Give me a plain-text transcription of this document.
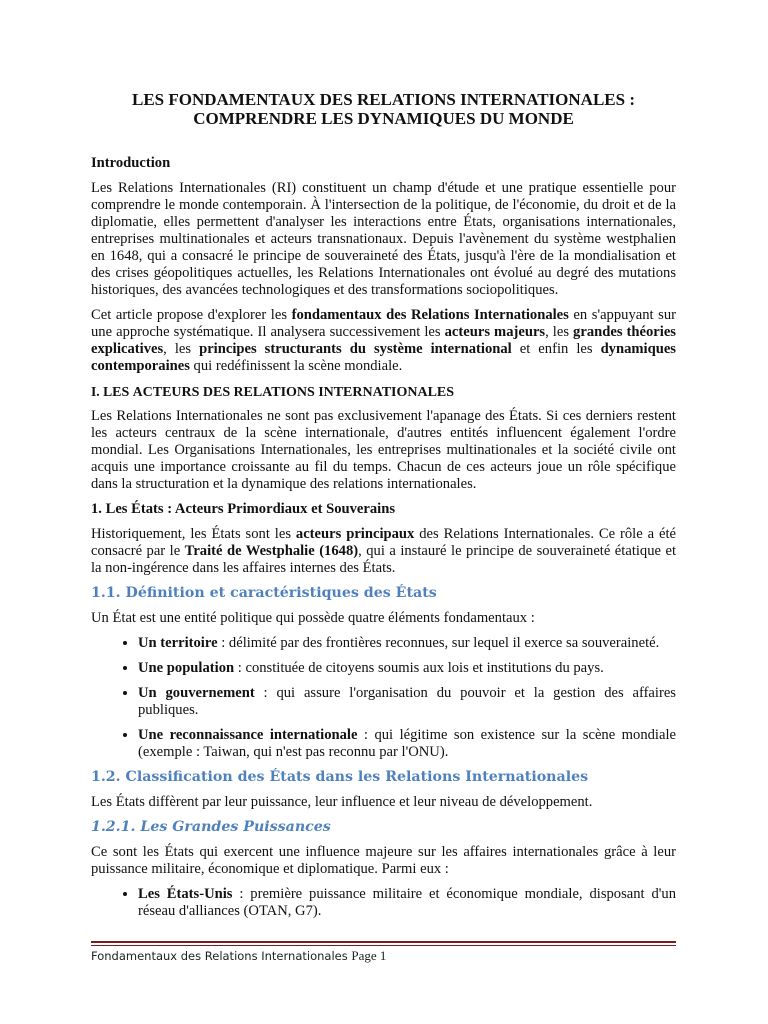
LES FONDAMENTAUX DES RELATIONS INTERNATIONALES :
COMPRENDRE LES DYNAMIQUES DU MONDE
Introduction

Les Relations Internationales (RI) constituent un champ d'étude et une pratique essentielle pour comprendre le monde contemporain. À l'intersection de la politique, de l'économie, du droit et de la diplomatie, elles permettent d'analyser les interactions entre États, organisations internationales, entreprises multinationales et acteurs transnationaux. Depuis l'avènement du système westphalien en 1648, qui a consacré le principe de souveraineté des États, jusqu'à l'ère de la mondialisation et des crises géopolitiques actuelles, les Relations Internationales ont évolué au degré des mutations historiques, des avancées technologiques et des transformations sociopolitiques.

Cet article propose d'explorer les fondamentaux des Relations Internationales en s'appuyant sur une approche systématique. Il analysera successivement les acteurs majeurs, les grandes théories explicatives, les principes structurants du système international et enfin les dynamiques contemporaines qui redéfinissent la scène mondiale.

I. LES ACTEURS DES RELATIONS INTERNATIONALES

Les Relations Internationales ne sont pas exclusivement l'apanage des États. Si ces derniers restent les acteurs centraux de la scène internationale, d'autres entités influencent également l'ordre mondial. Les Organisations Internationales, les entreprises multinationales et la société civile ont acquis une importance croissante au fil du temps. Chacun de ces acteurs joue un rôle spécifique dans la structuration et la dynamique des relations internationales.

1. Les États : Acteurs Primordiaux et Souverains

Historiquement, les États sont les acteurs principaux des Relations Internationales. Ce rôle a été consacré par le Traité de Westphalie (1648), qui a instauré le principe de souveraineté étatique et la non-ingérence dans les affaires internes des États.

1.1. Définition et caractéristiques des États

Un État est une entité politique qui possède quatre éléments fondamentaux :

• Un territoire : délimité par des frontières reconnues, sur lequel il exerce sa souveraineté.
• Une population : constituée de citoyens soumis aux lois et institutions du pays.
• Un gouvernement : qui assure l'organisation du pouvoir et la gestion des affaires publiques.
• Une reconnaissance internationale : qui légitime son existence sur la scène mondiale (exemple : Taiwan, qui n'est pas reconnu par l'ONU).
1.2. Classification des États dans les Relations Internationales

Les États diffèrent par leur puissance, leur influence et leur niveau de développement.

1.2.1. Les Grandes Puissances

Ce sont les États qui exercent une influence majeure sur les affaires internationales grâce à leur puissance militaire, économique et diplomatique. Parmi eux :

• Les États-Unis : première puissance militaire et économique mondiale, disposant d'un réseau d'alliances (OTAN, G7).
Fondamentaux des Relations Internationales Page 1
